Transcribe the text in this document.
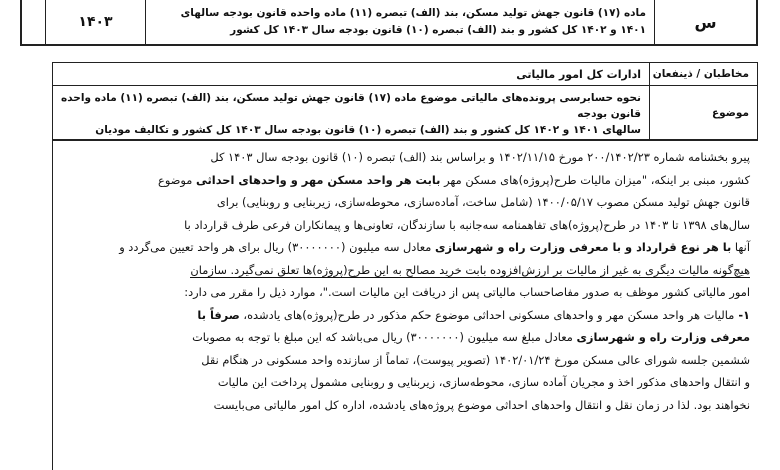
س
ماده (۱۷) قانون جهش تولید مسکن، بند (الف) تبصره (۱۱) ماده واحده قانون بودجه سالهای
۱۴۰۱ و ۱۴۰۲ کل کشور و بند (الف) تبصره (۱۰) قانون بودجه سال ۱۴۰۳ کل کشور
۱۴۰۳
مخاطبان / ذینفعان
ادارات کل امور مالیاتی
موضوع
نحوه حسابرسی پرونده‌های مالیاتی موضوع ماده (۱۷) قانون جهش تولید مسکن، بند (الف) تبصره (۱۱) ماده واحده قانون بودجه
سالهای ۱۴۰۱ و ۱۴۰۲ کل کشور و بند (الف) تبصره (۱۰) قانون بودجه سال ۱۴۰۳ کل کشور و تکالیف مودیان

پیرو بخشنامه شماره ۲۰۰/۱۴۰۲/۲۳ مورخ ۱۴۰۲/۱۱/۱۵ و براساس بند (الف) تبصره (۱۰) قانون بودجه سال ۱۴۰۳ کل

کشور، مبنی بر اینکه، "میزان مالیات طرح(پروژه)های مسکن مهر بابت هر واحد مسکن مهر و واحدهای احداثی موضوع

قانون جهش تولید مسکن مصوب ۱۴۰۰/۰۵/۱۷ (شامل ساخت، آماده‌سازی، محوطه‌سازی، زیربنایی و روبنایی) برای

سال‌های ۱۳۹۸ تا ۱۴۰۳ در طرح(پروژه)های تفاهمنامه سه‌جانبه با سازندگان، تعاونی‌ها و پیمانکاران فرعی طرف قرارداد با

آنها با هر نوع قرارداد و با معرفی وزارت راه و شهرسازی معادل سه میلیون (۳۰۰۰۰۰۰۰) ریال برای هر واحد تعیین می‌گردد و

هیچ‌گونه مالیات دیگری به غیر از مالیات بر ارزش‌افزوده بابت خرید مصالح به این طرح(پروژه)ها تعلق نمی‌گیرد. سازمان

امور مالیاتی کشور موظف به صدور مفاصاحساب مالیاتی پس از دریافت این مالیات است."، موارد ذیل را مقرر می دارد:

۱-مالیات هر واحد مسکن مهر و واحدهای مسکونی احداثی موضوع حکم مذکور در طرح(پروژه)های یادشده، صرفاً با

معرفی وزارت راه و شهرسازی معادل مبلغ سه میلیون (۳۰۰۰۰۰۰۰) ریال می‌باشد که این مبلغ با توجه به مصوبات

ششمین جلسه شورای عالی مسکن مورخ ۱۴۰۲/۰۱/۲۴ (تصویر پیوست)، تماماً از سازنده واحد مسکونی در هنگام نقل

و انتقال واحدهای مذکور اخذ و مجریان آماده سازی، محوطه‌سازی، زیربنایی و روبنایی مشمول پرداخت این مالیات

نخواهند بود. لذا در زمان نقل و انتقال واحدهای احداثی موضوع پروژه‌های یادشده، اداره کل امور مالیاتی می‌بایست
